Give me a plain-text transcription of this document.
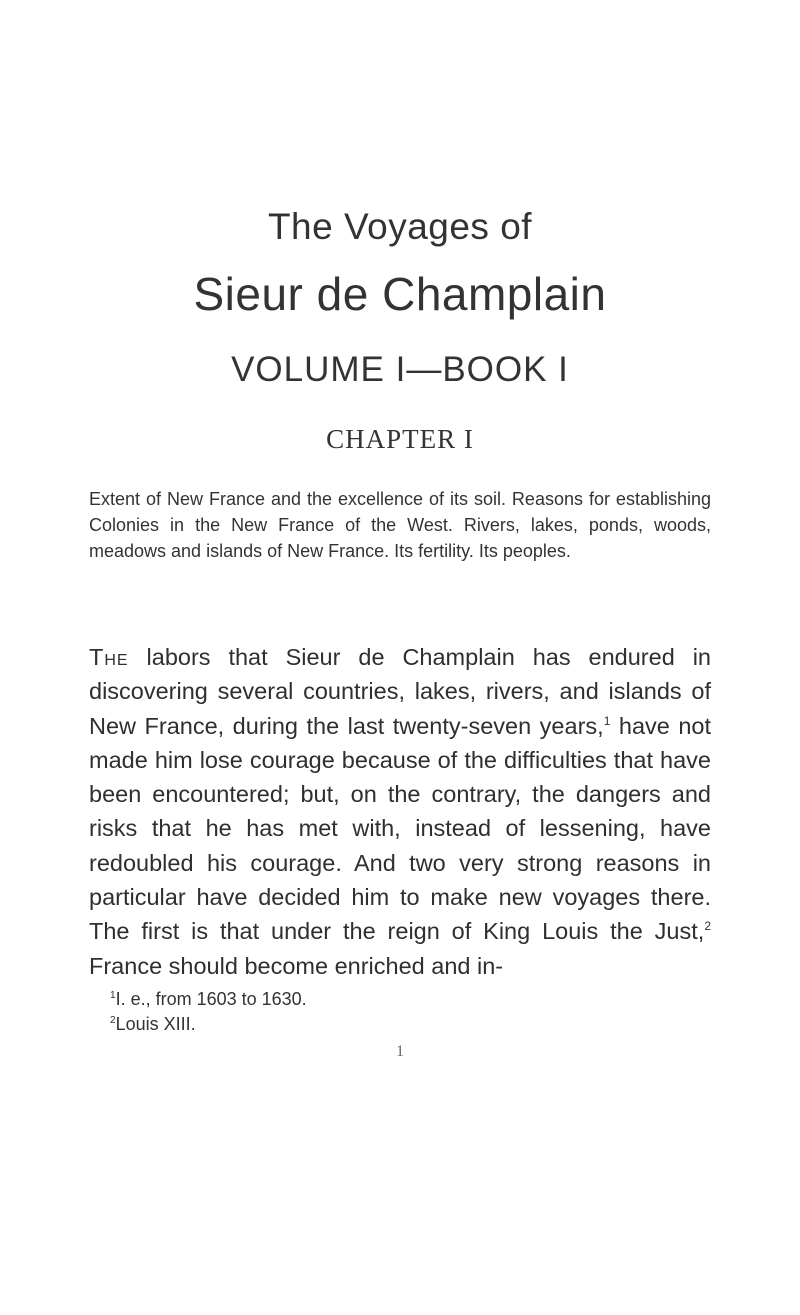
The Voyages of
Sieur de Champlain
VOLUME I—BOOK I
CHAPTER I

Extent of New France and the excellence of its soil. Reasons for establishing Colonies in the New France of the West. Rivers, lakes, ponds, woods, meadows and islands of New France. Its fertility. Its peoples.

The labors that Sieur de Champlain has endured in discovering several countries, lakes, rivers, and islands of New France, during the last twenty-seven years,$^1$ have not made him lose courage because of the difficulties that have been encountered; but, on the contrary, the dangers and risks that he has met with, instead of lessening, have redoubled his courage. And two very strong reasons in particular have decided him to make new voyages there. The first is that under the reign of King Louis the Just,$^2$ France should become enriched and in-

$^1$I. e., from 1603 to 1630.
$^2$Louis XIII.
1
